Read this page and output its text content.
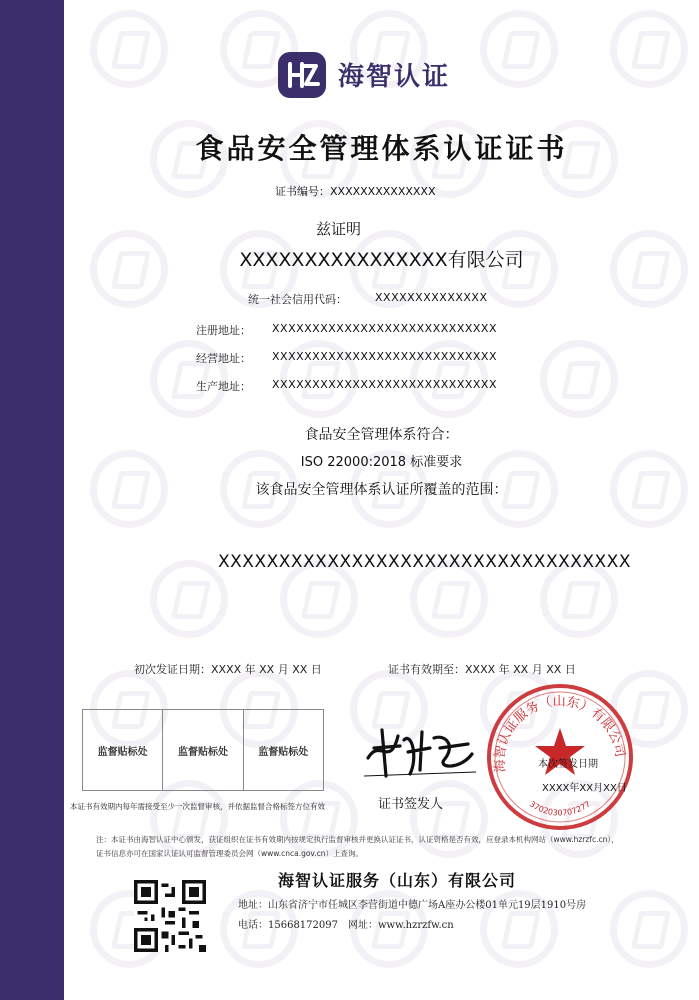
海智认证
食品安全管理体系认证证书
证书编号：XXXXXXXXXXXXXX
兹证明
XXXXXXXXXXXXXXXX有限公司
统一社会信用代码：	XXXXXXXXXXXXXX
注册地址： XXXXXXXXXXXXXXXXXXXXXXXXXXXX
经营地址： XXXXXXXXXXXXXXXXXXXXXXXXXXXX
生产地址： XXXXXXXXXXXXXXXXXXXXXXXXXXXX
食品安全管理体系符合：
ISO 22000:2018 标准要求
该食品安全管理体系认证所覆盖的范围：
XXXXXXXXXXXXXXXXXXXXXXXXXXXXXXXXXX
初次发证日期：XXXX 年 XX 月 XX 日	证书有效期至：XXXX 年 XX 月 XX 日
监督贴标处	监督贴标处	监督贴标处
本证书有效期内每年需接受至少一次监督审核，并依据监督合格标签方位有效	证书签发人
海智认证服务（山东）有限公司
3702030707277
本次签发日期
XXXX年XX月XX日
注：本证书由海智认证中心颁发，获证组织在证书有效期内按规定执行监督审核并更换认证证书，认证资格是否有效，应登录本机构网站（www.hzrzfc.cn），
证书信息亦可在国家认证认可监督管理委员会网（www.cnca.gov.cn）上查询。
海智认证服务（山东）有限公司
地址：山东省济宁市任城区李营街道中德广场A座办公楼01单元19层1910号房
电话：15668172097　网址：www.hzrzfw.cn
